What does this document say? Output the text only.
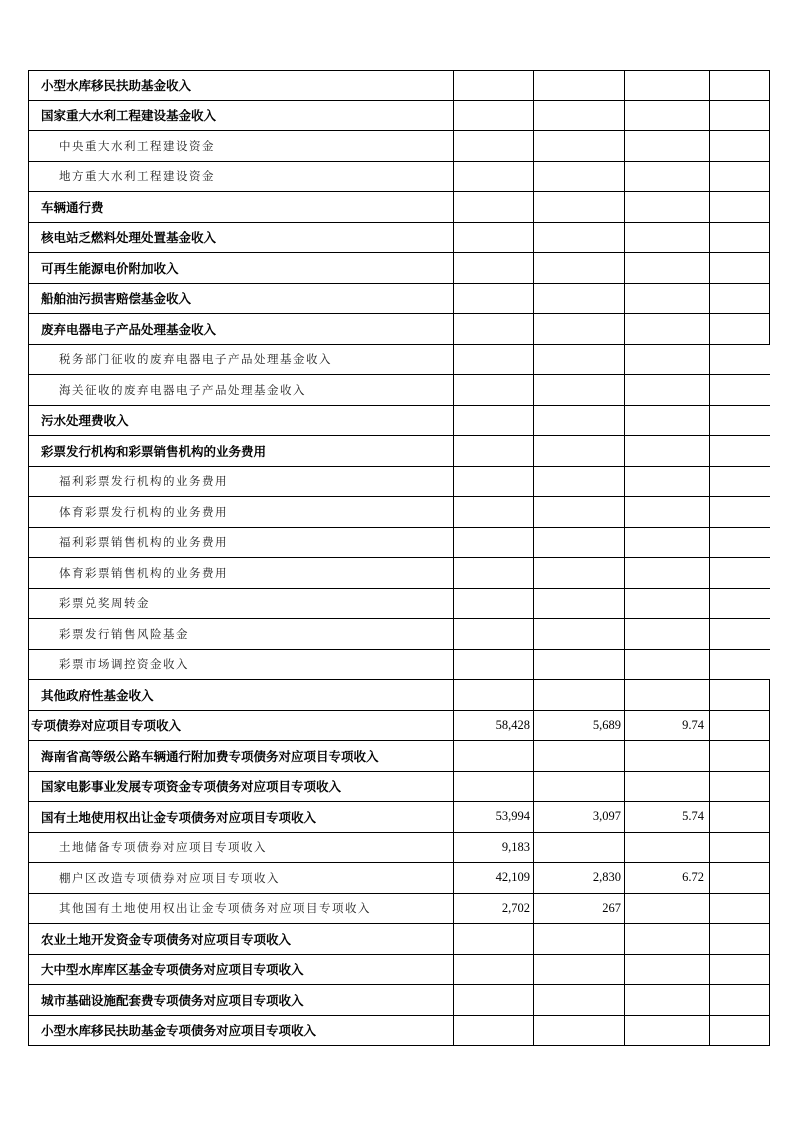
小型水库移民扶助基金收入
国家重大水利工程建设基金收入
中央重大水利工程建设资金
地方重大水利工程建设资金
车辆通行费
核电站乏燃料处理处置基金收入
可再生能源电价附加收入
船舶油污损害赔偿基金收入
废弃电器电子产品处理基金收入
税务部门征收的废弃电器电子产品处理基金收入
海关征收的废弃电器电子产品处理基金收入
污水处理费收入
彩票发行机构和彩票销售机构的业务费用
福利彩票发行机构的业务费用
体育彩票发行机构的业务费用
福利彩票销售机构的业务费用
体育彩票销售机构的业务费用
彩票兑奖周转金
彩票发行销售风险基金
彩票市场调控资金收入
其他政府性基金收入
专项债券对应项目专项收入	58,428	5,689	9.74
海南省高等级公路车辆通行附加费专项债务对应项目专项收入
国家电影事业发展专项资金专项债务对应项目专项收入
国有土地使用权出让金专项债务对应项目专项收入	53,994	3,097	5.74
土地储备专项债券对应项目专项收入	9,183
棚户区改造专项债券对应项目专项收入	42,109	2,830	6.72
其他国有土地使用权出让金专项债务对应项目专项收入	2,702	267
农业土地开发资金专项债务对应项目专项收入
大中型水库库区基金专项债务对应项目专项收入
城市基础设施配套费专项债务对应项目专项收入
小型水库移民扶助基金专项债务对应项目专项收入
